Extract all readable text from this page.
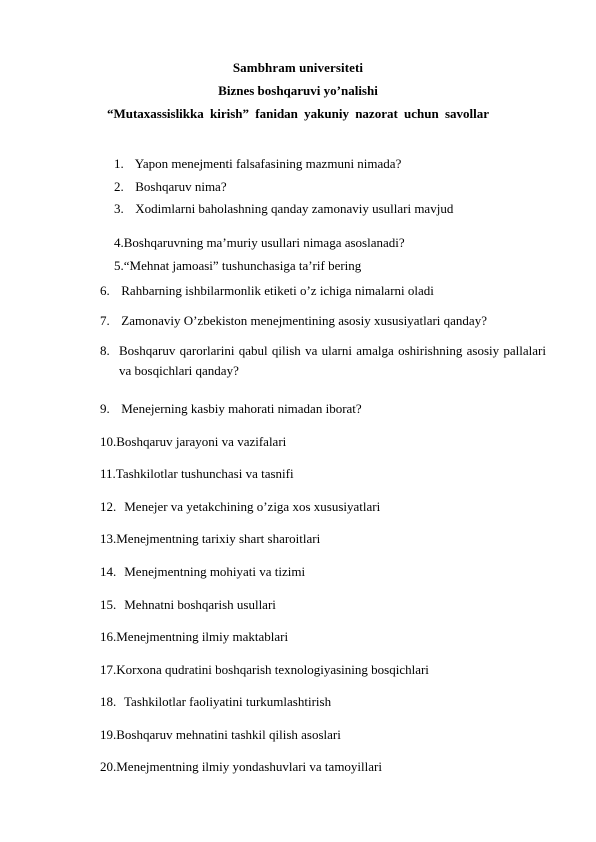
Sambhram universiteti
Biznes boshqaruvi yo’nalishi
“Mutaxassislikka kirish” fanidan yakuniy nazorat uchun savollar
1. Yapon menejmenti falsafasining mazmuni nimada?
2. Boshqaruv nima?
3. Xodimlarni baholashning qanday zamonaviy usullari mavjud
4.Boshqaruvning ma’muriy usullari nimaga asoslanadi?
5.“Mehnat jamoasi” tushunchasiga ta’rif bering
6. Rahbarning ishbilarmonlik etiketi o’z ichiga nimalarni oladi
7. Zamonaviy O’zbekiston menejmentining asosiy xususiyatlari qanday?
8. Boshqaruv qarorlarini qabul qilish va ularni amalga oshirishning asosiy pallalari va bosqichlari qanday?
9. Menejerning kasbiy mahorati nimadan iborat?
10.Boshqaruv jarayoni va vazifalari
11.Tashkilotlar tushunchasi va tasnifi
12. Menejer va yetakchining o’ziga xos xususiyatlari
13.Menejmentning tarixiy shart sharoitlari
14. Menejmentning mohiyati va tizimi
15. Mehnatni boshqarish usullari
16.Menejmentning ilmiy maktablari
17.Korxona qudratini boshqarish texnologiyasining bosqichlari
18. Tashkilotlar faoliyatini turkumlashtirish
19.Boshqaruv mehnatini tashkil qilish asoslari
20.Menejmentning ilmiy yondashuvlari va tamoyillari
